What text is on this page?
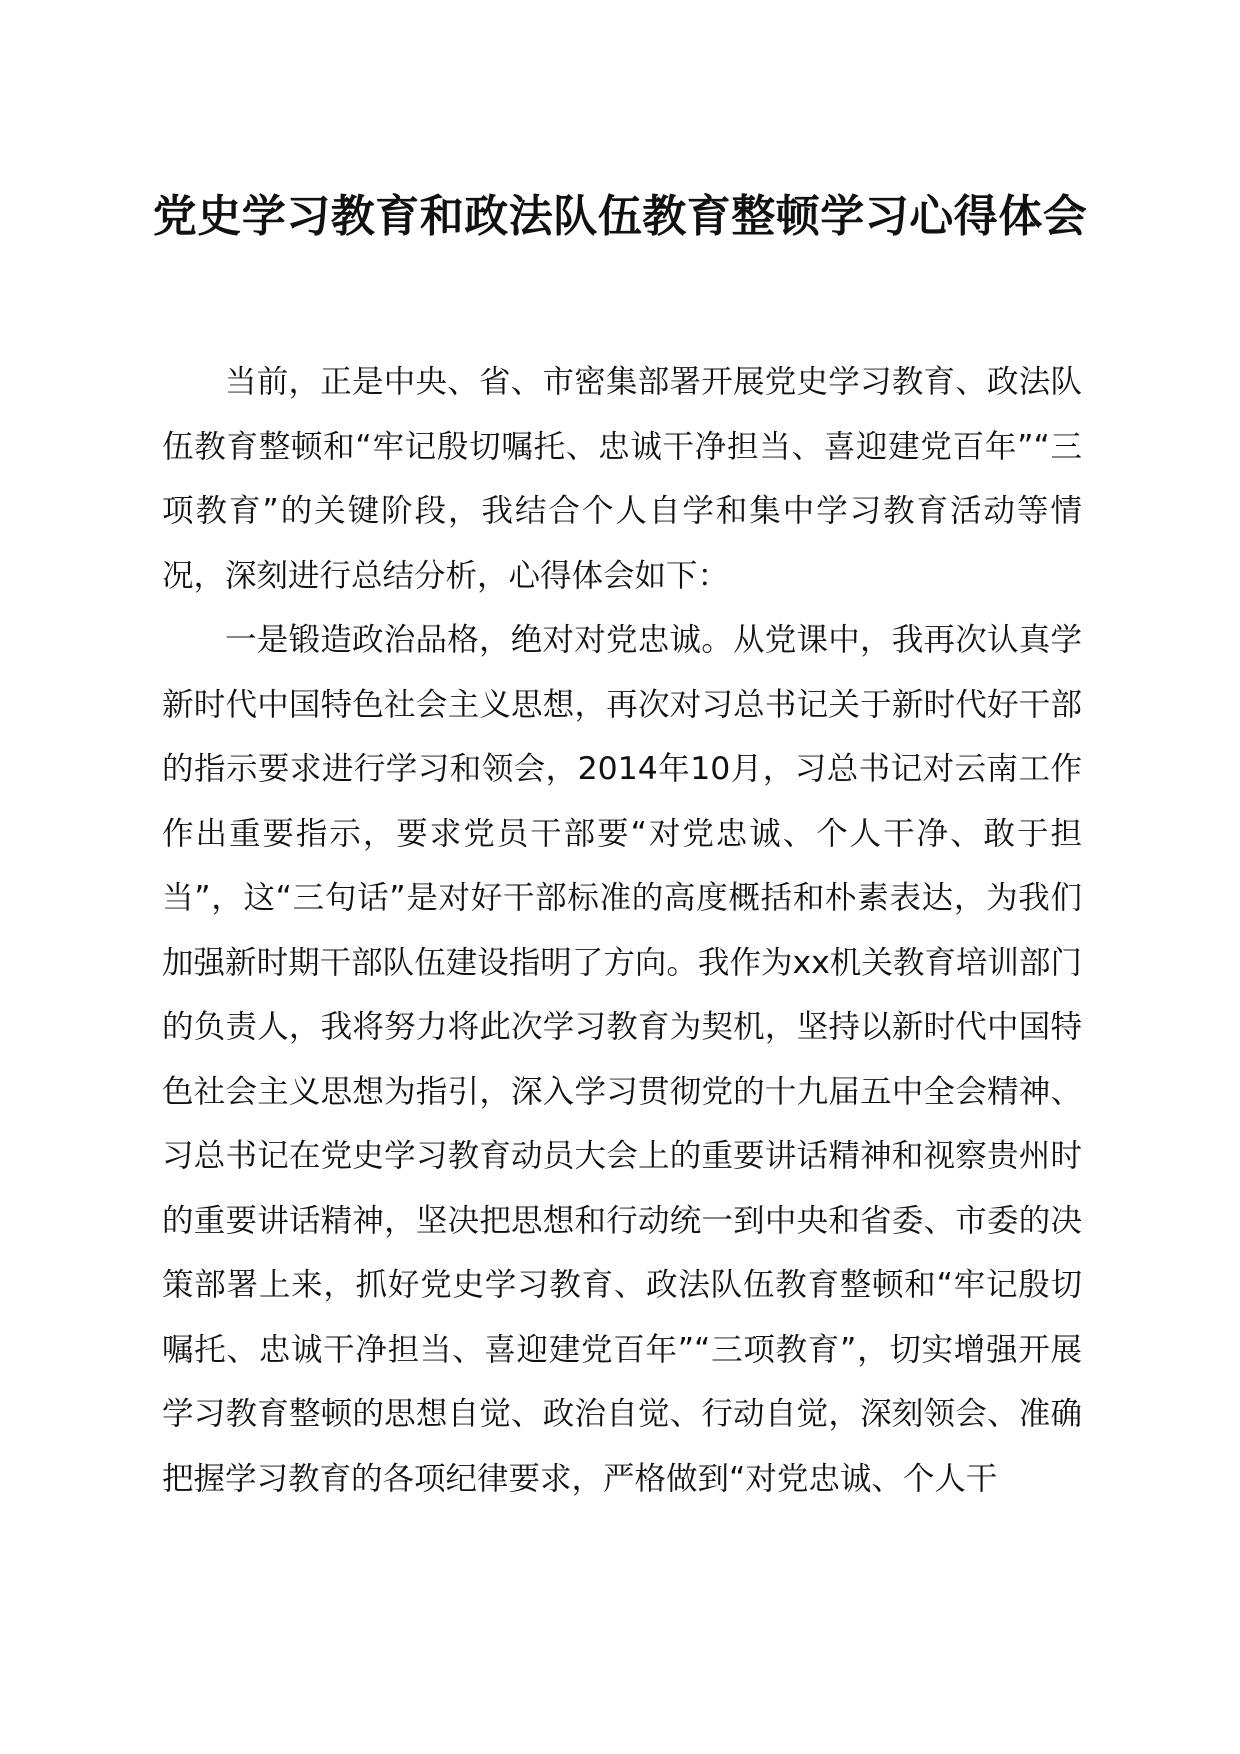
党史学习教育和政法队伍教育整顿学习心得体会

当前，正是中央、省、市密集部署开展党史学习教育、政法队伍教育整顿和“牢记殷切嘱托、忠诚干净担当、喜迎建党百年”“三项教育”的关键阶段，我结合个人自学和集中学习教育活动等情况，深刻进行总结分析，心得体会如下：

一是锻造政治品格，绝对对党忠诚。从党课中，我再次认真学新时代中国特色社会主义思想，再次对习总书记关于新时代好干部的指示要求进行学习和领会，2014年10月，习总书记对云南工作作出重要指示，要求党员干部要“对党忠诚、个人干净、敢于担当”，这“三句话”是对好干部标准的高度概括和朴素表达，为我们加强新时期干部队伍建设指明了方向。我作为xx机关教育培训部门的负责人，我将努力将此次学习教育为契机，坚持以新时代中国特色社会主义思想为指引，深入学习贯彻党的十九届五中全会精神、习总书记在党史学习教育动员大会上的重要讲话精神和视察贵州时的重要讲话精神，坚决把思想和行动统一到中央和省委、市委的决策部署上来，抓好党史学习教育、政法队伍教育整顿和“牢记殷切嘱托、忠诚干净担当、喜迎建党百年”“三项教育”，切实增强开展学习教育整顿的思想自觉、政治自觉、行动自觉，深刻领会、准确把握学习教育的各项纪律要求，严格做到“对党忠诚、个人干
